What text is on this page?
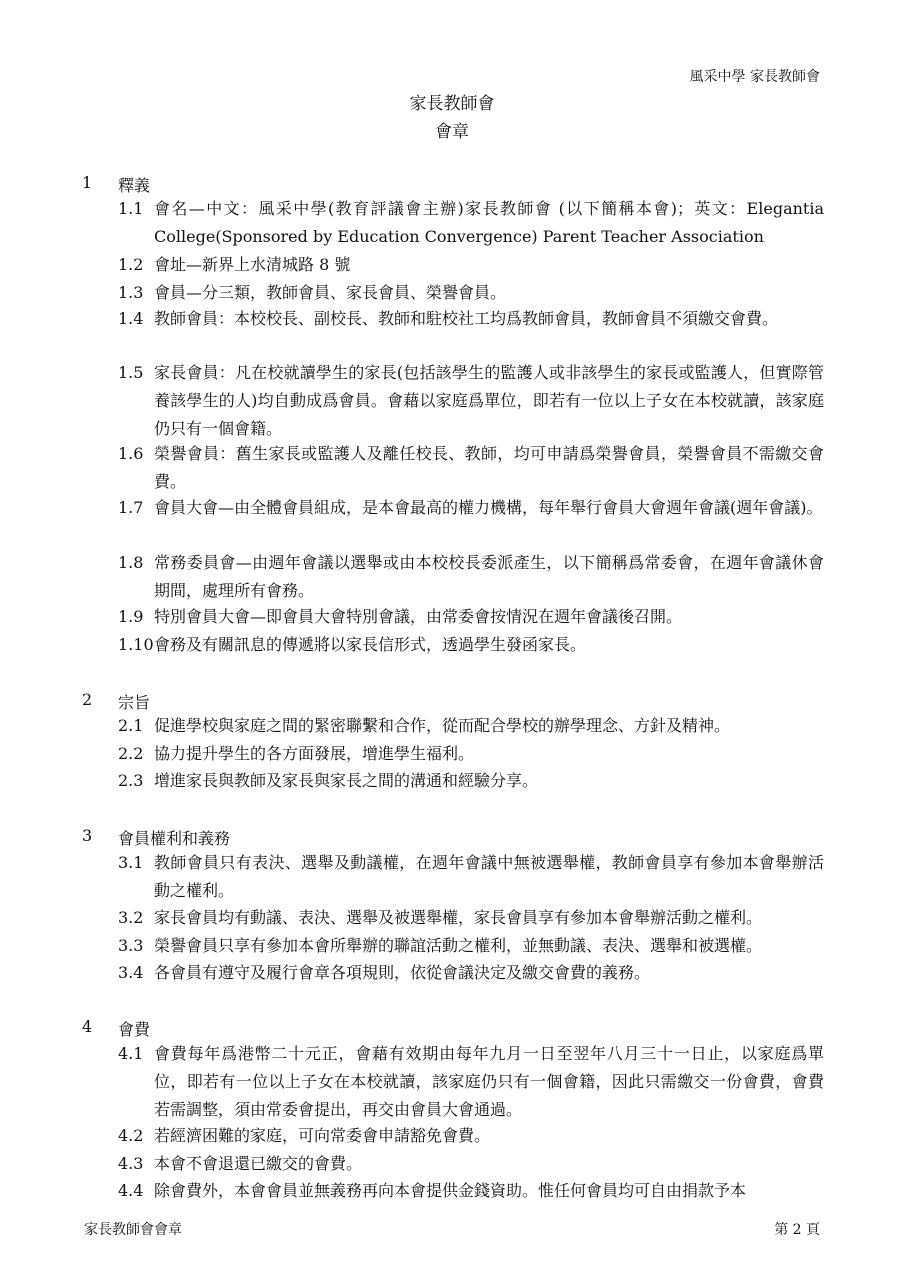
風采中學 家長教師會
家長教師會
會章
1 釋義
1.1 會名—中文：風采中學(教育評議會主辦)家長教師會 (以下簡稱本會)；英文：Elegantia College(Sponsored by Education Convergence) Parent Teacher Association
1.2 會址—新界上水清城路 8 號
1.3 會員—分三類，教師會員、家長會員、榮譽會員。
1.4 教師會員：本校校長、副校長、教師和駐校社工均爲教師會員，教師會員不須繳交會費。
1.5 家長會員：凡在校就讀學生的家長(包括該學生的監護人或非該學生的家長或監護人，但實際管養該學生的人)均自動成爲會員。會藉以家庭爲單位，即若有一位以上子女在本校就讀，該家庭仍只有一個會籍。
1.6 榮譽會員：舊生家長或監護人及離任校長、教師，均可申請爲榮譽會員，榮譽會員不需繳交會費。
1.7 會員大會—由全體會員組成，是本會最高的權力機構，每年舉行會員大會週年會議(週年會議)。
1.8 常務委員會—由週年會議以選舉或由本校校長委派產生，以下簡稱爲常委會，在週年會議休會期間，處理所有會務。
1.9 特別會員大會—即會員大會特別會議，由常委會按情況在週年會議後召開。
1.10 會務及有關訊息的傳遞將以家長信形式，透過學生發函家長。
2 宗旨
2.1 促進學校與家庭之間的緊密聯繫和合作，從而配合學校的辦學理念、方針及精神。
2.2 協力提升學生的各方面發展，增進學生福利。
2.3 增進家長與教師及家長與家長之間的溝通和經驗分享。
3 會員權利和義務
3.1 教師會員只有表決、選舉及動議權，在週年會議中無被選舉權，教師會員享有參加本會舉辦活動之權利。
3.2 家長會員均有動議、表決、選舉及被選舉權，家長會員享有參加本會舉辦活動之權利。
3.3 榮譽會員只享有參加本會所舉辦的聯誼活動之權利，並無動議、表決、選舉和被選權。
3.4 各會員有遵守及履行會章各項規則，依從會議決定及繳交會費的義務。
4 會費
4.1 會費每年爲港幣二十元正，會藉有效期由每年九月一日至翌年八月三十一日止，以家庭爲單位，即若有一位以上子女在本校就讀，該家庭仍只有一個會籍，因此只需繳交一份會費，會費若需調整，須由常委會提出，再交由會員大會通過。
4.2 若經濟困難的家庭，可向常委會申請豁免會費。
4.3 本會不會退還已繳交的會費。
4.4 除會費外，本會會員並無義務再向本會提供金錢資助。惟任何會員均可自由捐款予本
家長教師會會章	第 2 頁
